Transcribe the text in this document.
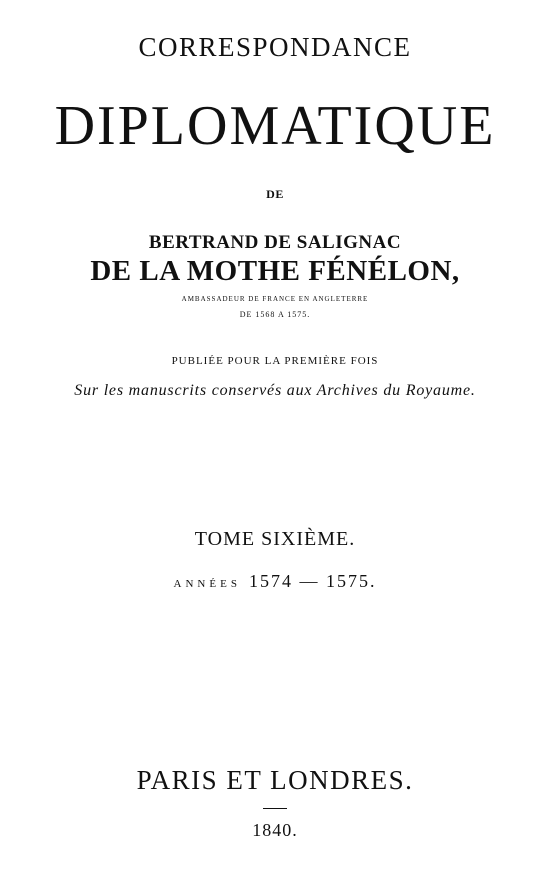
CORRESPONDANCE
DIPLOMATIQUE
DE
BERTRAND DE SALIGNAC
DE LA MOTHE FÉNÉLON,
AMBASSADEUR DE FRANCE EN ANGLETERRE
DE 1568 A 1575.
PUBLIÉE POUR LA PREMIÈRE FOIS
Sur les manuscrits conservés aux Archives du Royaume.
TOME SIXIÈME.
ANNÉES 1574 — 1575.
PARIS ET LONDRES.
1840.
